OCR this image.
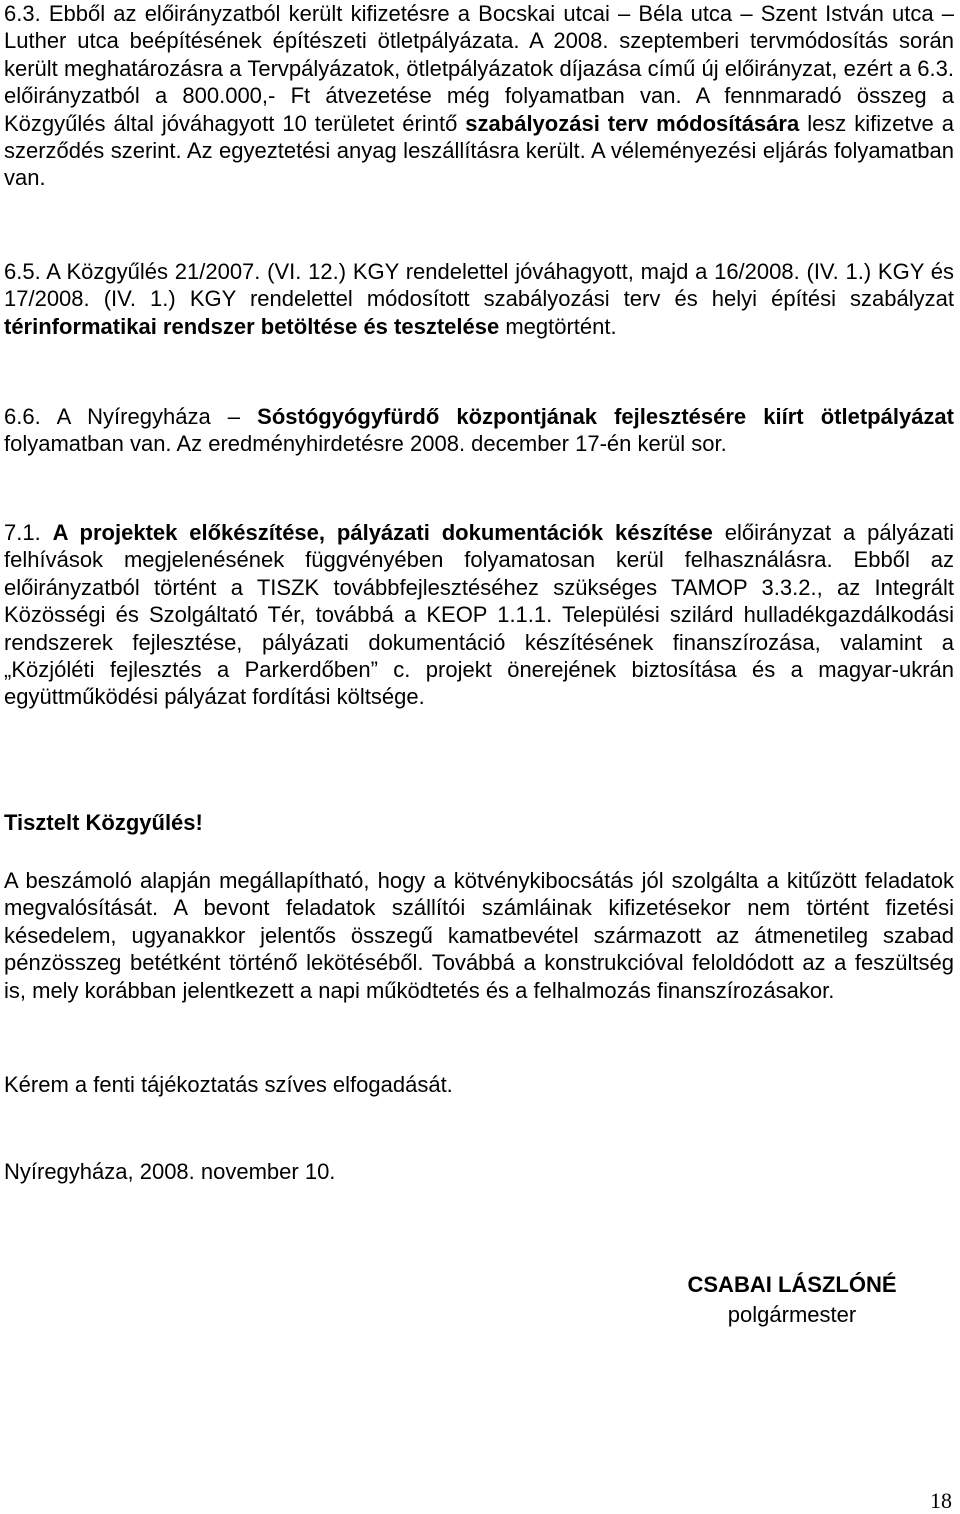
6.3. Ebből az előirányzatból került kifizetésre a Bocskai utcai – Béla utca – Szent István utca – Luther utca beépítésének építészeti ötletpályázata. A 2008. szeptemberi tervmódosítás során került meghatározásra a Tervpályázatok, ötletpályázatok díjazása című új előirányzat, ezért a 6.3. előirányzatból a 800.000,- Ft átvezetése még folyamatban van. A fennmaradó összeg a Közgyűlés által jóváhagyott 10 területet érintő szabályozási terv módosítására lesz kifizetve a szerződés szerint. Az egyeztetési anyag leszállításra került. A véleményezési eljárás folyamatban van.

6.5. A Közgyűlés 21/2007. (VI. 12.) KGY rendelettel jóváhagyott, majd a 16/2008. (IV. 1.) KGY és 17/2008. (IV. 1.) KGY rendelettel módosított szabályozási terv és helyi építési szabályzat térinformatikai rendszer betöltése és tesztelése megtörtént.

6.6. A Nyíregyháza – Sóstógyógyfürdő központjának fejlesztésére kiírt ötletpályázat folyamatban van. Az eredményhirdetésre 2008. december 17-én kerül sor.

7.1. A projektek előkészítése, pályázati dokumentációk készítése előirányzat a pályázati felhívások megjelenésének függvényében folyamatosan kerül felhasználásra. Ebből az előirányzatból történt a TISZK továbbfejlesztéséhez szükséges TAMOP 3.3.2., az Integrált Közösségi és Szolgáltató Tér, továbbá a KEOP 1.1.1. Települési szilárd hulladékgazdálkodási rendszerek fejlesztése, pályázati dokumentáció készítésének finanszírozása, valamint a „Közjóléti fejlesztés a Parkerdőben” c. projekt önerejének biztosítása és a magyar-ukrán együttműködési pályázat fordítási költsége.

Tisztelt Közgyűlés!

A beszámoló alapján megállapítható, hogy a kötvénykibocsátás jól szolgálta a kitűzött feladatok megvalósítását. A bevont feladatok szállítói számláinak kifizetésekor nem történt fizetési késedelem, ugyanakkor jelentős összegű kamatbevétel származott az átmenetileg szabad pénzösszeg betétként történő lekötéséből. Továbbá a konstrukcióval feloldódott az a feszültség is, mely korábban jelentkezett a napi működtetés és a felhalmozás finanszírozásakor.

Kérem a fenti tájékoztatás szíves elfogadását.

Nyíregyháza, 2008. november 10.

CSABAI LÁSZLÓNÉ
polgármester
18
